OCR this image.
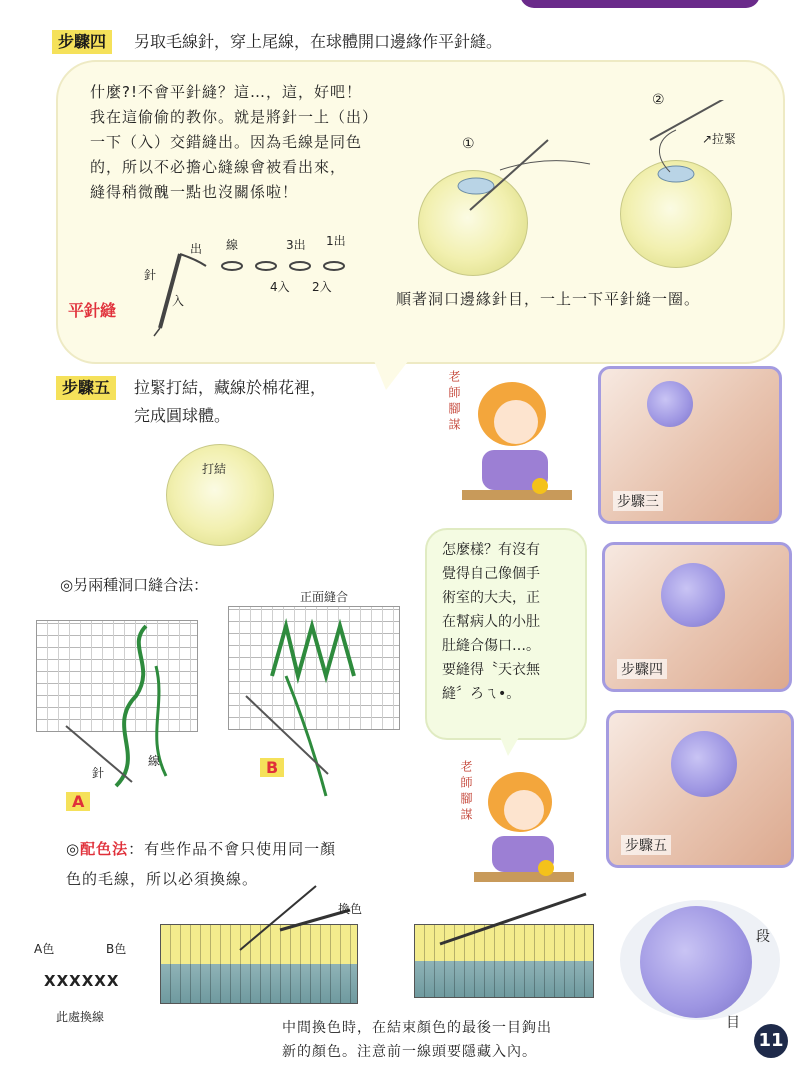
步驟四	另取毛線針，穿上尾線，在球體開口邊緣作平針縫。
什麼?!不會平針縫？這…，這，好吧！
我在這偷偷的教你。就是將針一上（出）
一下（入）交錯縫出。因為毛線是同色
的，所以不必擔心縫線會被看出來，
縫得稍微醜一點也沒關係啦！
出 線	3出 1出
針
入
4入 2入
平針縫
①
②
↗拉緊
順著洞口邊緣針目，一上一下平針縫一圈。
步驟五	拉緊打結，藏線於棉花裡，
完成圓球體。
打結
老師腳謀
步驟三
步驟四
步驟五
◎另兩種洞口縫合法：
正面縫合
針
線
A
B
怎麼樣？有沒有
覺得自己像個手
術室的大夫，正
在幫病人的小肚
肚縫合傷口…。
要縫得〝天衣無
縫〞ろㄟ•。
老師腳謀
◎配色法：有些作品不會只使用同一顏
色的毛線，所以必須換線。
A色	B色
XXXXXX
此處換線
換色
中間換色時，在結束顏色的最後一目鉤出
新的顏色。注意前一線頭要隱藏入內。
段
目
11
